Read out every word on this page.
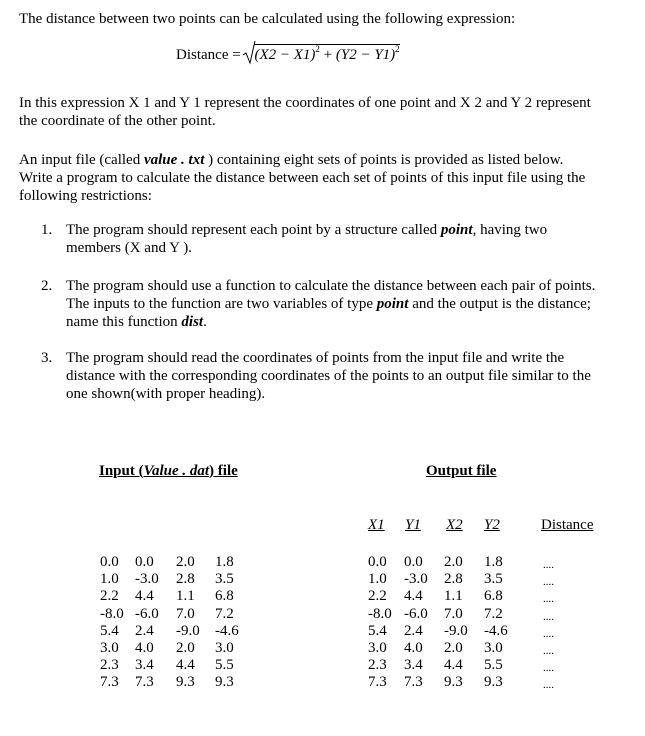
The distance between two points can be calculated using the following expression:
Distance = $(X2 - X1)^2 + (Y2 - Y1)^2$
In this expression X 1 and Y 1 represent the coordinates of one point and X 2 and Y 2 represent
the coordinate of the other point.
An input file (called value . txt ) containing eight sets of points is provided as listed below.
Write a program to calculate the distance between each set of points of this input file using the
following restrictions:
1. The program should represent each point by a structure called point, having two
members (X and Y ).
2. The program should use a function to calculate the distance between each pair of points.
The inputs to the function are two variables of type point and the output is the distance;
name this function dist.
3. The program should read the coordinates of points from the input file and write the
distance with the corresponding coordinates of the points to an output file similar to the
one shown(with proper heading).
Input (Value . dat) file	Output file
X1 Y1 X2 Y2	Distance
0.0 0.0 2.0 1.8
1.0 -3.0 2.8 3.5
2.2 4.4 1.1 6.8
-8.0 -6.0 7.0 7.2
5.4 2.4 -9.0 -4.6
3.0 4.0 2.0 3.0
2.3 3.4 4.4 5.5
7.3 7.3 9.3 9.3
0.0 0.0 2.0 1.8	....
1.0 -3.0 2.8 3.5	....
2.2 4.4 1.1 6.8	....
-8.0 -6.0 7.0 7.2	....
5.4 2.4 -9.0 -4.6	....
3.0 4.0 2.0 3.0	....
2.3 3.4 4.4 5.5	....
7.3 7.3 9.3 9.3	....
